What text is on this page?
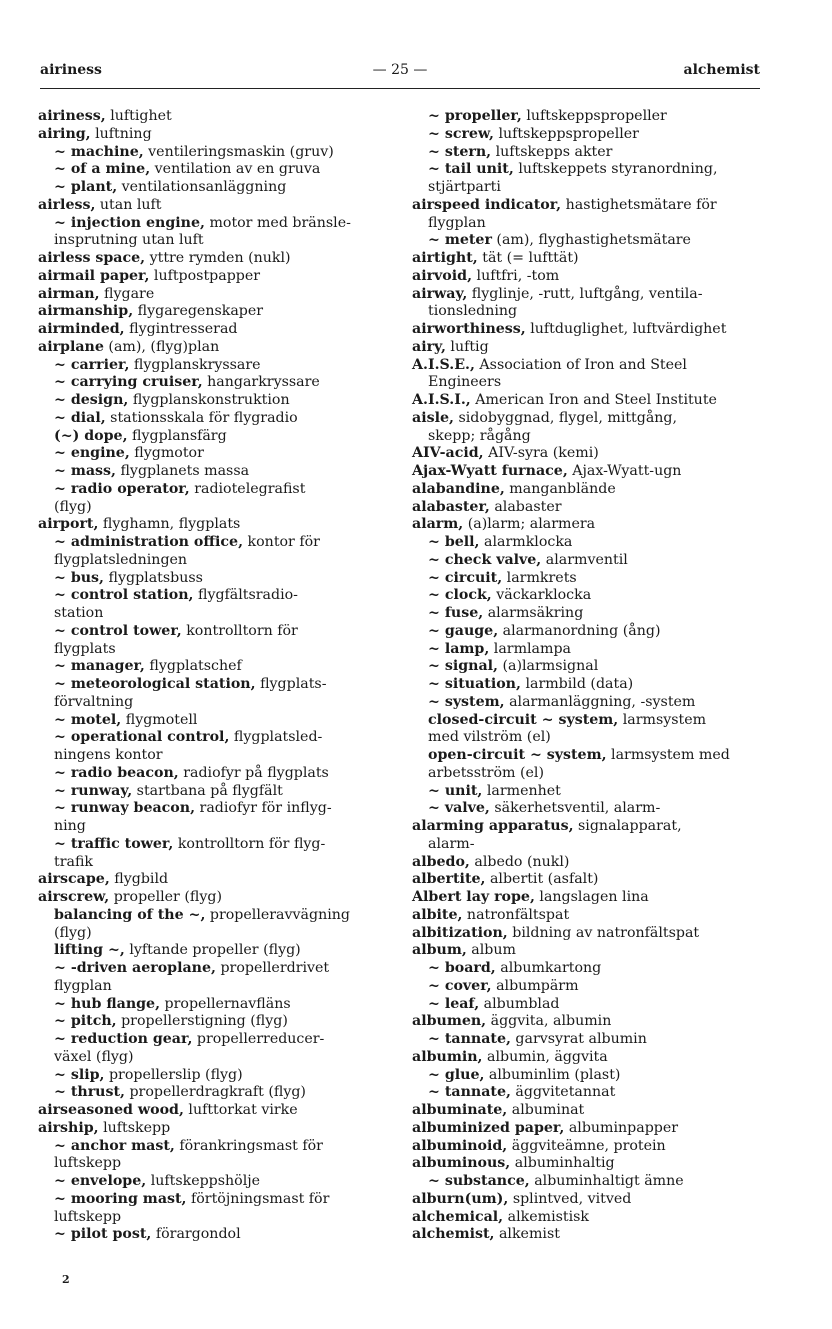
airiness	— 25 —	alchemist
airiness, luftighet
airing, luftning
~ machine, ventileringsmaskin (gruv)
~ of a mine, ventilation av en gruva
~ plant, ventilationsanläggning
airless, utan luft
~ injection engine, motor med bränsle-
insprutning utan luft
airless space, yttre rymden (nukl)
airmail paper, luftpostpapper
airman, flygare
airmanship, flygaregenskaper
airminded, flygintresserad
airplane (am), (flyg)plan
~ carrier, flygplanskryssare
~ carrying cruiser, hangarkryssare
~ design, flygplanskonstruktion
~ dial, stationsskala för flygradio
(~) dope, flygplansfärg
~ engine, flygmotor
~ mass, flygplanets massa
~ radio operator, radiotelegrafist
(flyg)
airport, flyghamn, flygplats
~ administration office, kontor för
flygplatsledningen
~ bus, flygplatsbuss
~ control station, flygfältsradio-
station
~ control tower, kontrolltorn för
flygplats
~ manager, flygplatschef
~ meteorological station, flygplats-
förvaltning
~ motel, flygmotell
~ operational control, flygplatsled-
ningens kontor
~ radio beacon, radiofyr på flygplats
~ runway, startbana på flygfält
~ runway beacon, radiofyr för inflyg-
ning
~ traffic tower, kontrolltorn för flyg-
trafik
airscape, flygbild
airscrew, propeller (flyg)
balancing of the ~, propelleravvägning
(flyg)
lifting ~, lyftande propeller (flyg)
~ -driven aeroplane, propellerdrivet
flygplan
~ hub flange, propellernavfläns
~ pitch, propellerstigning (flyg)
~ reduction gear, propellerreducer-
växel (flyg)
~ slip, propellerslip (flyg)
~ thrust, propellerdragkraft (flyg)
airseasoned wood, lufttorkat virke
airship, luftskepp
~ anchor mast, förankringsmast för
luftskepp
~ envelope, luftskeppshölje
~ mooring mast, förtöjningsmast för
luftskepp
~ pilot post, förargondol
~ propeller, luftskeppspropeller
~ screw, luftskeppspropeller
~ stern, luftskepps akter
~ tail unit, luftskeppets styranordning,
stjärtparti
airspeed indicator, hastighetsmätare för
flygplan
~ meter (am), flyghastighetsmätare
airtight, tät (= lufttät)
airvoid, luftfri, -tom
airway, flyglinje, -rutt, luftgång, ventila-
tionsledning
airworthiness, luftduglighet, luftvärdighet
airy, luftig
A.I.S.E., Association of Iron and Steel
Engineers
A.I.S.I., American Iron and Steel Institute
aisle, sidobyggnad, flygel, mittgång,
skepp; rågång
AIV-acid, AIV-syra (kemi)
Ajax-Wyatt furnace, Ajax-Wyatt-ugn
alabandine, manganblände
alabaster, alabaster
alarm, (a)larm; alarmera
~ bell, alarmklocka
~ check valve, alarmventil
~ circuit, larmkrets
~ clock, väckarklocka
~ fuse, alarmsäkring
~ gauge, alarmanordning (ång)
~ lamp, larmlampa
~ signal, (a)larmsignal
~ situation, larmbild (data)
~ system, alarmanläggning, -system
closed-circuit ~ system, larmsystem
med vilström (el)
open-circuit ~ system, larmsystem med
arbetsström (el)
~ unit, larmenhet
~ valve, säkerhetsventil, alarm-
alarming apparatus, signalapparat,
alarm-
albedo, albedo (nukl)
albertite, albertit (asfalt)
Albert lay rope, langslagen lina
albite, natronfältspat
albitization, bildning av natronfältspat
album, album
~ board, albumkartong
~ cover, albumpärm
~ leaf, albumblad
albumen, äggvita, albumin
~ tannate, garvsyrat albumin
albumin, albumin, äggvita
~ glue, albuminlim (plast)
~ tannate, äggvitetannat
albuminate, albuminat
albuminized paper, albuminpapper
albuminoid, äggviteämne, protein
albuminous, albuminhaltig
~ substance, albuminhaltigt ämne
alburn(um), splintved, vitved
alchemical, alkemistisk
alchemist, alkemist
2
